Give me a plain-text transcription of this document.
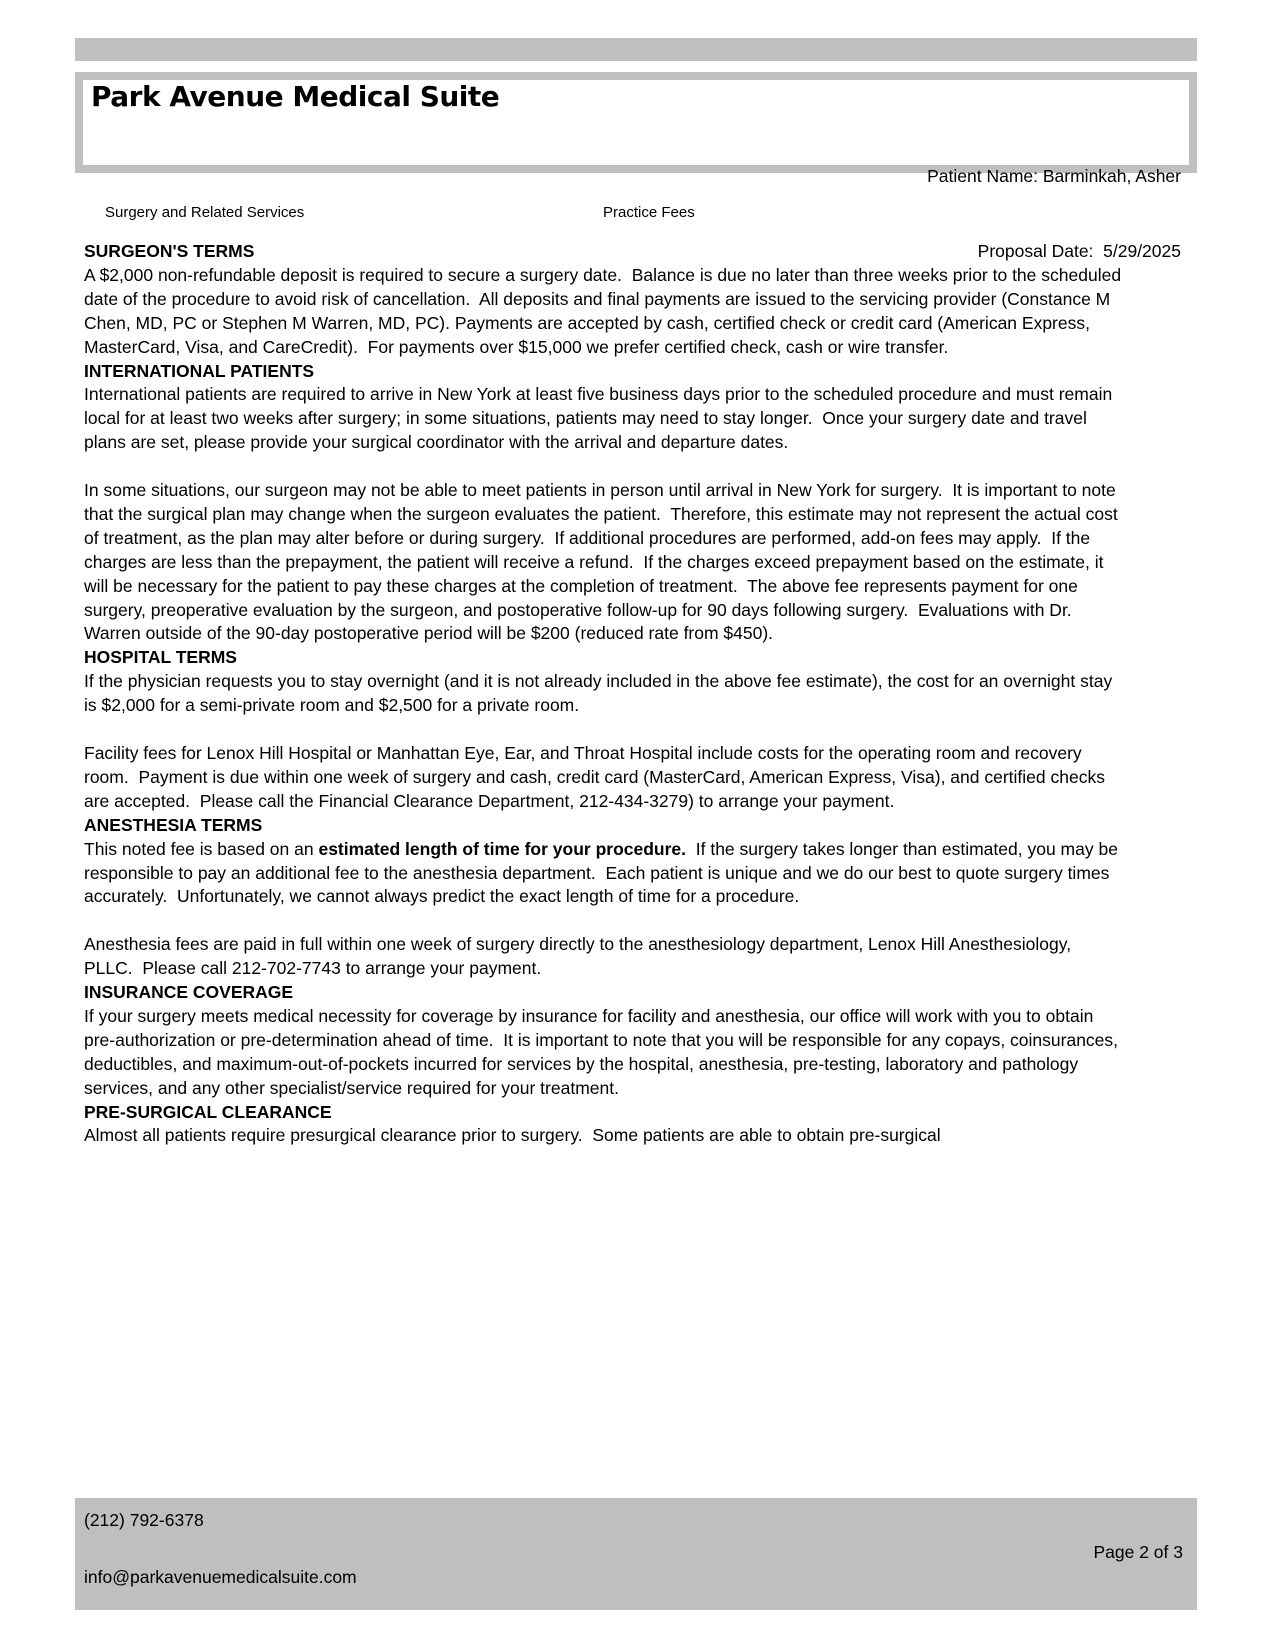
Park Avenue Medical Suite

Patient Name: Barminkah, Asher

Proposal Date:  5/29/2025

Surgery and Related Services	Practice Fees
SURGEON'S TERMS

A $2,000 non-refundable deposit is required to secure a surgery date.  Balance is due no later than three weeks prior to the scheduled date of the procedure to avoid risk of cancellation.  All deposits and final payments are issued to the servicing provider (Constance M Chen, MD, PC or Stephen M Warren, MD, PC). Payments are accepted by cash, certified check or credit card (American Express, MasterCard, Visa, and CareCredit).  For payments over $15,000 we prefer certified check, cash or wire transfer.

INTERNATIONAL PATIENTS

International patients are required to arrive in New York at least five business days prior to the scheduled procedure and must remain local for at least two weeks after surgery; in some situations, patients may need to stay longer.  Once your surgery date and travel plans are set, please provide your surgical coordinator with the arrival and departure dates.

In some situations, our surgeon may not be able to meet patients in person until arrival in New York for surgery.  It is important to note that the surgical plan may change when the surgeon evaluates the patient.  Therefore, this estimate may not represent the actual cost of treatment, as the plan may alter before or during surgery.  If additional procedures are performed, add-on fees may apply.  If the charges are less than the prepayment, the patient will receive a refund.  If the charges exceed prepayment based on the estimate, it will be necessary for the patient to pay these charges at the completion of treatment.  The above fee represents payment for one surgery, preoperative evaluation by the surgeon, and postoperative follow-up for 90 days following surgery.  Evaluations with Dr. Warren outside of the 90-day postoperative period will be $200 (reduced rate from $450).

HOSPITAL TERMS

If the physician requests you to stay overnight (and it is not already included in the above fee estimate), the cost for an overnight stay is $2,000 for a semi-private room and $2,500 for a private room.

Facility fees for Lenox Hill Hospital or Manhattan Eye, Ear, and Throat Hospital include costs for the operating room and recovery room.  Payment is due within one week of surgery and cash, credit card (MasterCard, American Express, Visa), and certified checks are accepted.  Please call the Financial Clearance Department, 212-434-3279) to arrange your payment.

ANESTHESIA TERMS

This noted fee is based on an estimated length of time for your procedure.  If the surgery takes longer than estimated, you may be responsible to pay an additional fee to the anesthesia department.  Each patient is unique and we do our best to quote surgery times accurately.  Unfortunately, we cannot always predict the exact length of time for a procedure.

Anesthesia fees are paid in full within one week of surgery directly to the anesthesiology department, Lenox Hill Anesthesiology, PLLC.  Please call 212-702-7743 to arrange your payment.

INSURANCE COVERAGE

If your surgery meets medical necessity for coverage by insurance for facility and anesthesia, our office will work with you to obtain pre-authorization or pre-determination ahead of time.  It is important to note that you will be responsible for any copays, coinsurances, deductibles, and maximum-out-of-pockets incurred for services by the hospital, anesthesia, pre-testing, laboratory and pathology services, and any other specialist/service required for your treatment.

PRE-SURGICAL CLEARANCE

Almost all patients require presurgical clearance prior to surgery.  Some patients are able to obtain pre-surgical

(212) 792-6378
Page 2 of 3
info@parkavenuemedicalsuite.com
